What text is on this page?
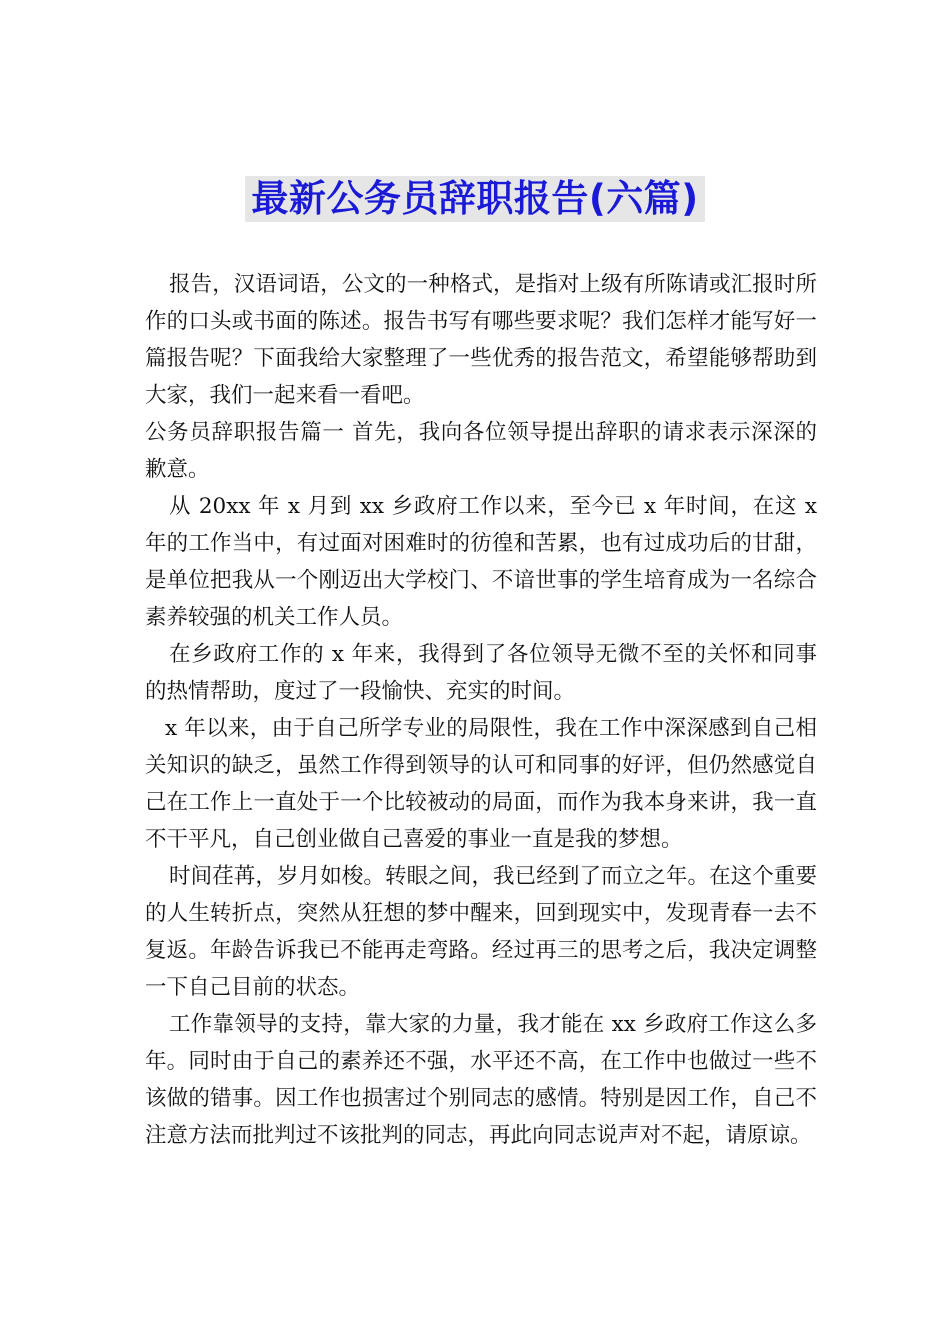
最新公务员辞职报告(六篇)

报告，汉语词语，公文的一种格式，是指对上级有所陈请或汇报时所作的口头或书面的陈述。报告书写有哪些要求呢？我们怎样才能写好一篇报告呢？下面我给大家整理了一些优秀的报告范文，希望能够帮助到大家，我们一起来看一看吧。

公务员辞职报告篇一 首先，我向各位领导提出辞职的请求表示深深的歉意。

从 20xx 年 x 月到 xx 乡政府工作以来，至今已 x 年时间，在这 x 年的工作当中，有过面对困难时的彷徨和苦累，也有过成功后的甘甜，是单位把我从一个刚迈出大学校门、不谙世事的学生培育成为一名综合素养较强的机关工作人员。

在乡政府工作的 x 年来，我得到了各位领导无微不至的关怀和同事的热情帮助，度过了一段愉快、充实的时间。

x 年以来，由于自己所学专业的局限性，我在工作中深深感到自己相关知识的缺乏，虽然工作得到领导的认可和同事的好评，但仍然感觉自己在工作上一直处于一个比较被动的局面，而作为我本身来讲，我一直不干平凡，自己创业做自己喜爱的事业一直是我的梦想。

时间荏苒，岁月如梭。转眼之间，我已经到了而立之年。在这个重要的人生转折点，突然从狂想的梦中醒来，回到现实中，发现青春一去不复返。年龄告诉我已不能再走弯路。经过再三的思考之后，我决定调整一下自己目前的状态。

工作靠领导的支持，靠大家的力量，我才能在 xx 乡政府工作这么多年。同时由于自己的素养还不强，水平还不高，在工作中也做过一些不该做的错事。因工作也损害过个别同志的感情。特别是因工作，自己不注意方法而批判过不该批判的同志，再此向同志说声对不起，请原谅。
